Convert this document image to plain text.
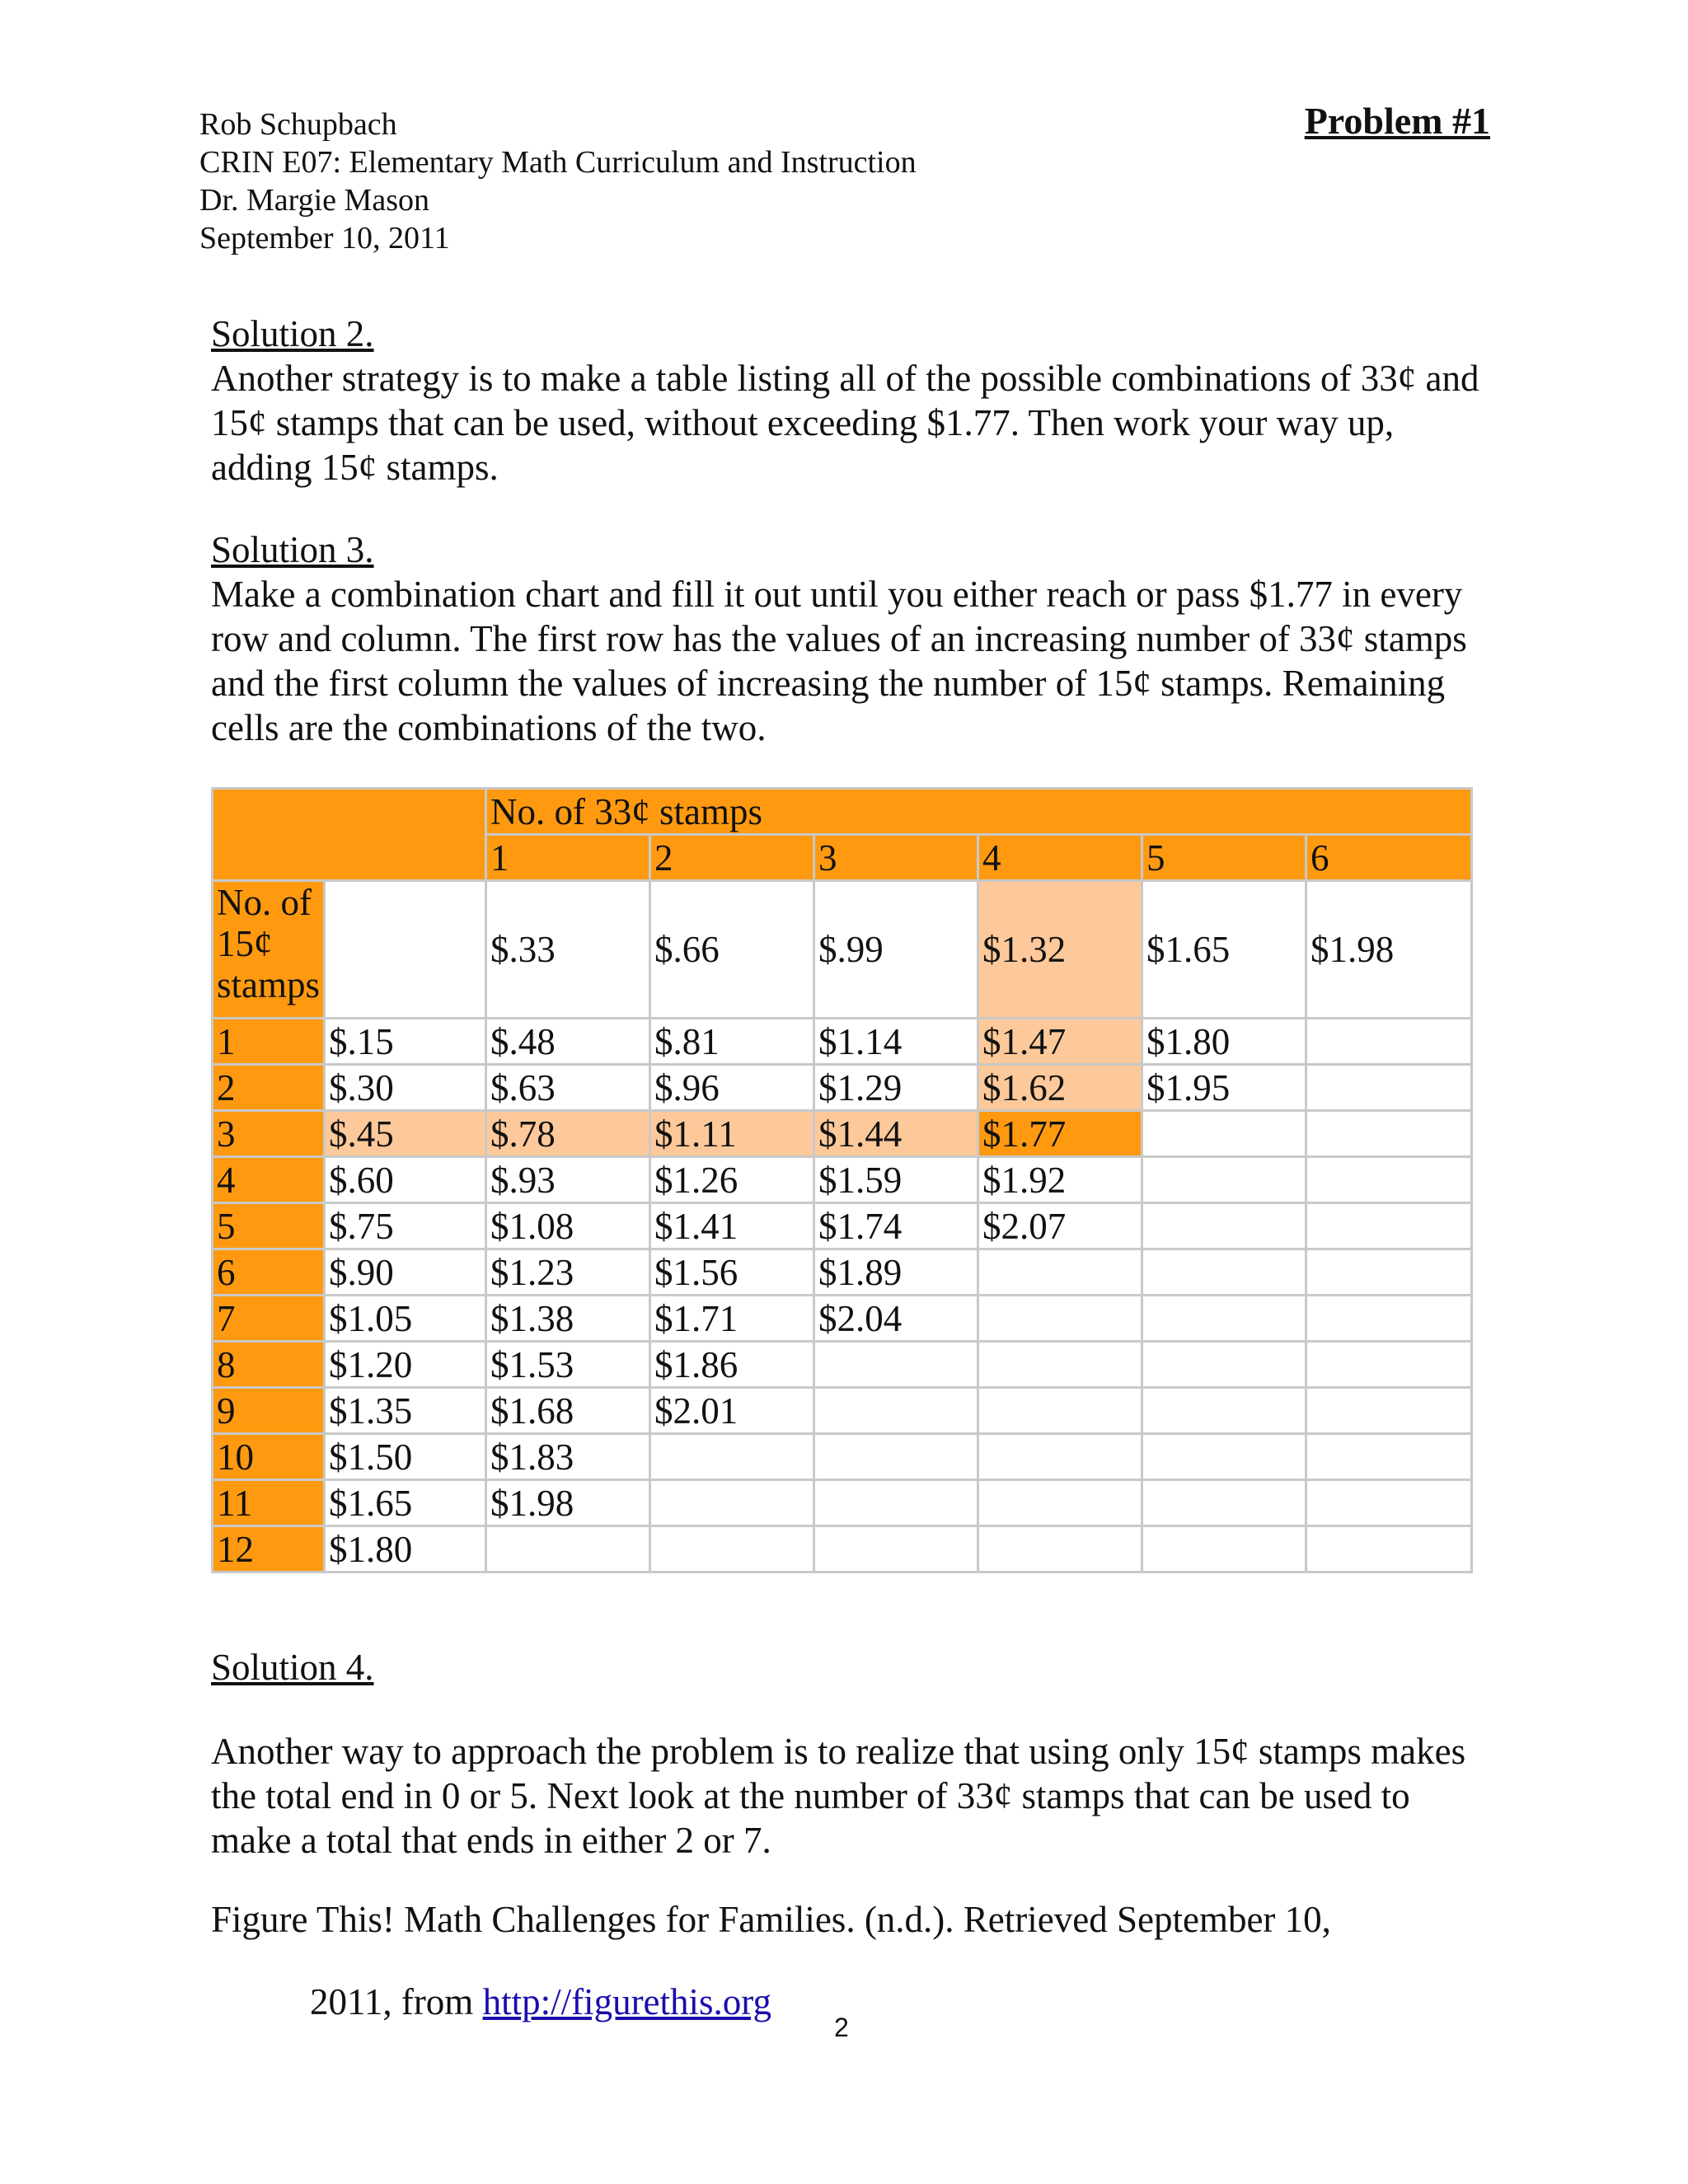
Rob Schupbach
CRIN E07: Elementary Math Curriculum and Instruction
Dr. Margie Mason
September 10, 2011
Problem #1
Solution 2.
Another strategy is to make a table listing all of the possible combinations of 33¢ and 15¢ stamps that can be used, without exceeding $1.77. Then work your way up, adding 15¢ stamps.
Solution 3.
Make a combination chart and fill it out until you either reach or pass $1.77 in every row and column. The first row has the values of an increasing number of 33¢ stamps and the first column the values of increasing the number of 15¢ stamps. Remaining cells are the combinations of the two.
		No. of 33¢ stamps					
		1	2	3	4	5	6
No. of 15¢ stamps		$.33	$.66	$.99	$1.32	$1.65	$1.98
1	$.15	$.48	$.81	$1.14	$1.47	$1.80	
2	$.30	$.63	$.96	$1.29	$1.62	$1.95	
3	$.45	$.78	$1.11	$1.44	$1.77		
4	$.60	$.93	$1.26	$1.59	$1.92		
5	$.75	$1.08	$1.41	$1.74	$2.07		
6	$.90	$1.23	$1.56	$1.89			
7	$1.05	$1.38	$1.71	$2.04			
8	$1.20	$1.53	$1.86				
9	$1.35	$1.68	$2.01				
10	$1.50	$1.83					
11	$1.65	$1.98					
12	$1.80						
Solution 4.
Another way to approach the problem is to realize that using only 15¢ stamps makes the total end in 0 or 5. Next look at the number of 33¢ stamps that can be used to make a total that ends in either 2 or 7.
Figure This! Math Challenges for Families. (n.d.). Retrieved September 10,
2011, from http://figurethis.org
2
